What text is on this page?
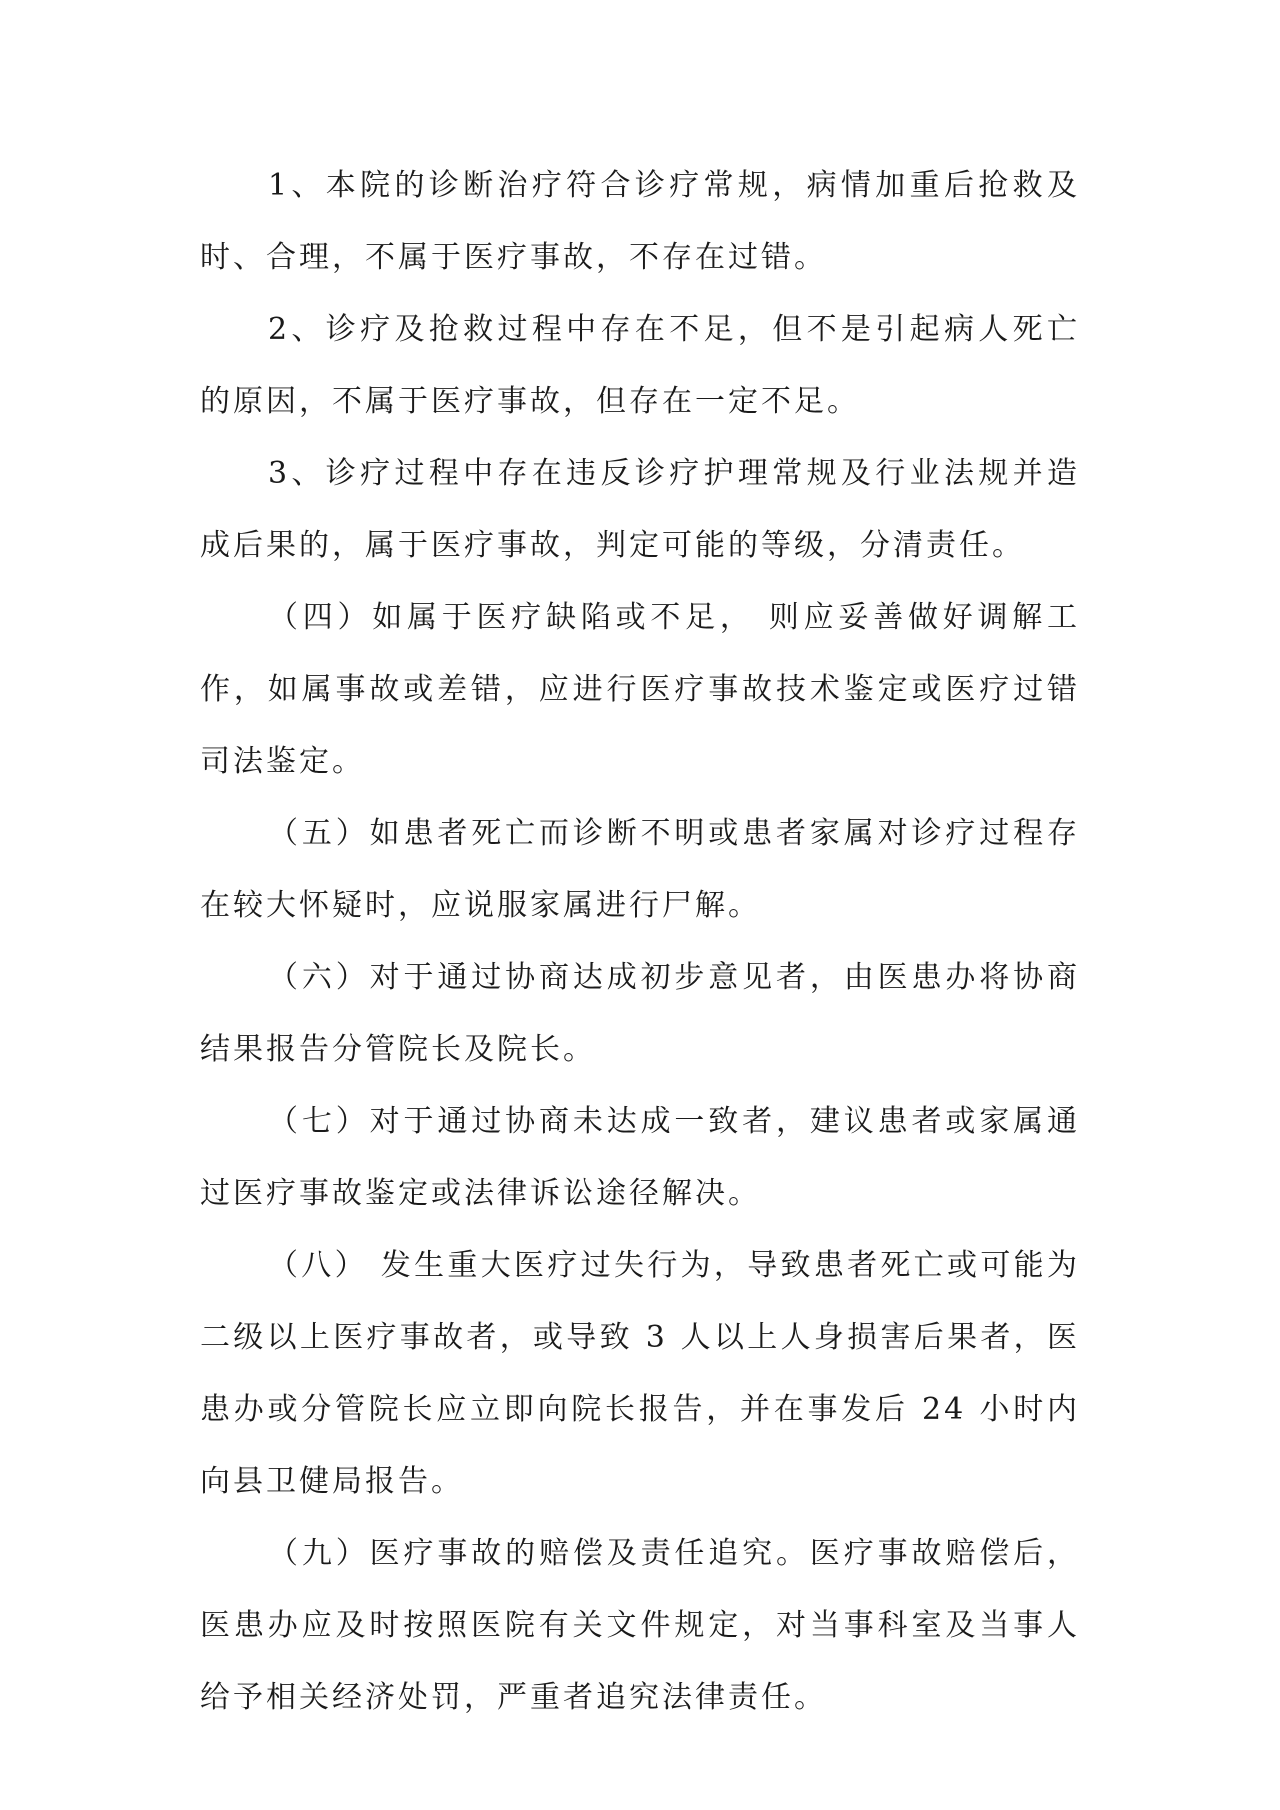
1、本院的诊断治疗符合诊疗常规，病情加重后抢救及时、合理，不属于医疗事故，不存在过错。

2、诊疗及抢救过程中存在不足，但不是引起病人死亡的原因，不属于医疗事故，但存在一定不足。

3、诊疗过程中存在违反诊疗护理常规及行业法规并造成后果的，属于医疗事故，判定可能的等级，分清责任。

（四）如属于医疗缺陷或不足， 则应妥善做好调解工作，如属事故或差错，应进行医疗事故技术鉴定或医疗过错司法鉴定。

（五）如患者死亡而诊断不明或患者家属对诊疗过程存在较大怀疑时，应说服家属进行尸解。

（六）对于通过协商达成初步意见者，由医患办将协商结果报告分管院长及院长。

（七）对于通过协商未达成一致者，建议患者或家属通过医疗事故鉴定或法律诉讼途径解决。

（八） 发生重大医疗过失行为，导致患者死亡或可能为二级以上医疗事故者，或导致 3 人以上人身损害后果者，医患办或分管院长应立即向院长报告，并在事发后 24 小时内向县卫健局报告。

（九）医疗事故的赔偿及责任追究。医疗事故赔偿后，医患办应及时按照医院有关文件规定，对当事科室及当事人给予相关经济处罚，严重者追究法律责任。
